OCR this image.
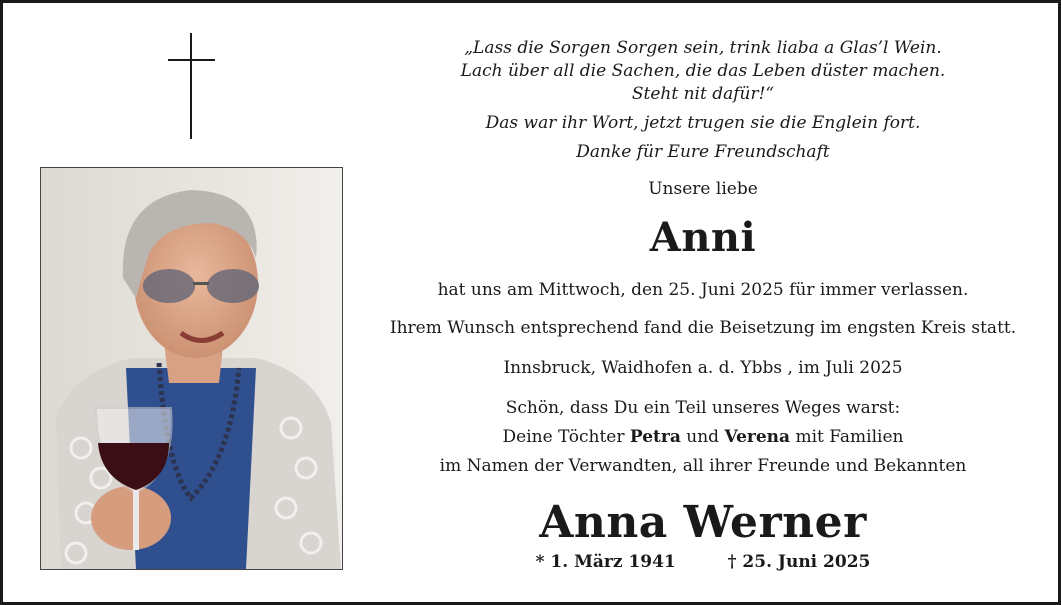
„Lass die Sorgen Sorgen sein, trink liaba a Glas’l Wein.
Lach über all die Sachen, die das Leben düster machen.
Steht nit dafür!“
Das war ihr Wort, jetzt trugen sie die Englein fort.
Danke für Eure Freundschaft
Unsere liebe
Anni
hat uns am Mittwoch, den 25. Juni 2025 für immer verlassen.
Ihrem Wunsch entsprechend fand die Beisetzung im engsten Kreis statt.
Innsbruck, Waidhofen a. d. Ybbs , im Juli 2025
Schön, dass Du ein Teil unseres Weges warst:
Deine Töchter Petra und Verena mit Familien
im Namen der Verwandten, all ihrer Freunde und Bekannten
Anna Werner
* 1. März 1941	† 25. Juni 2025
